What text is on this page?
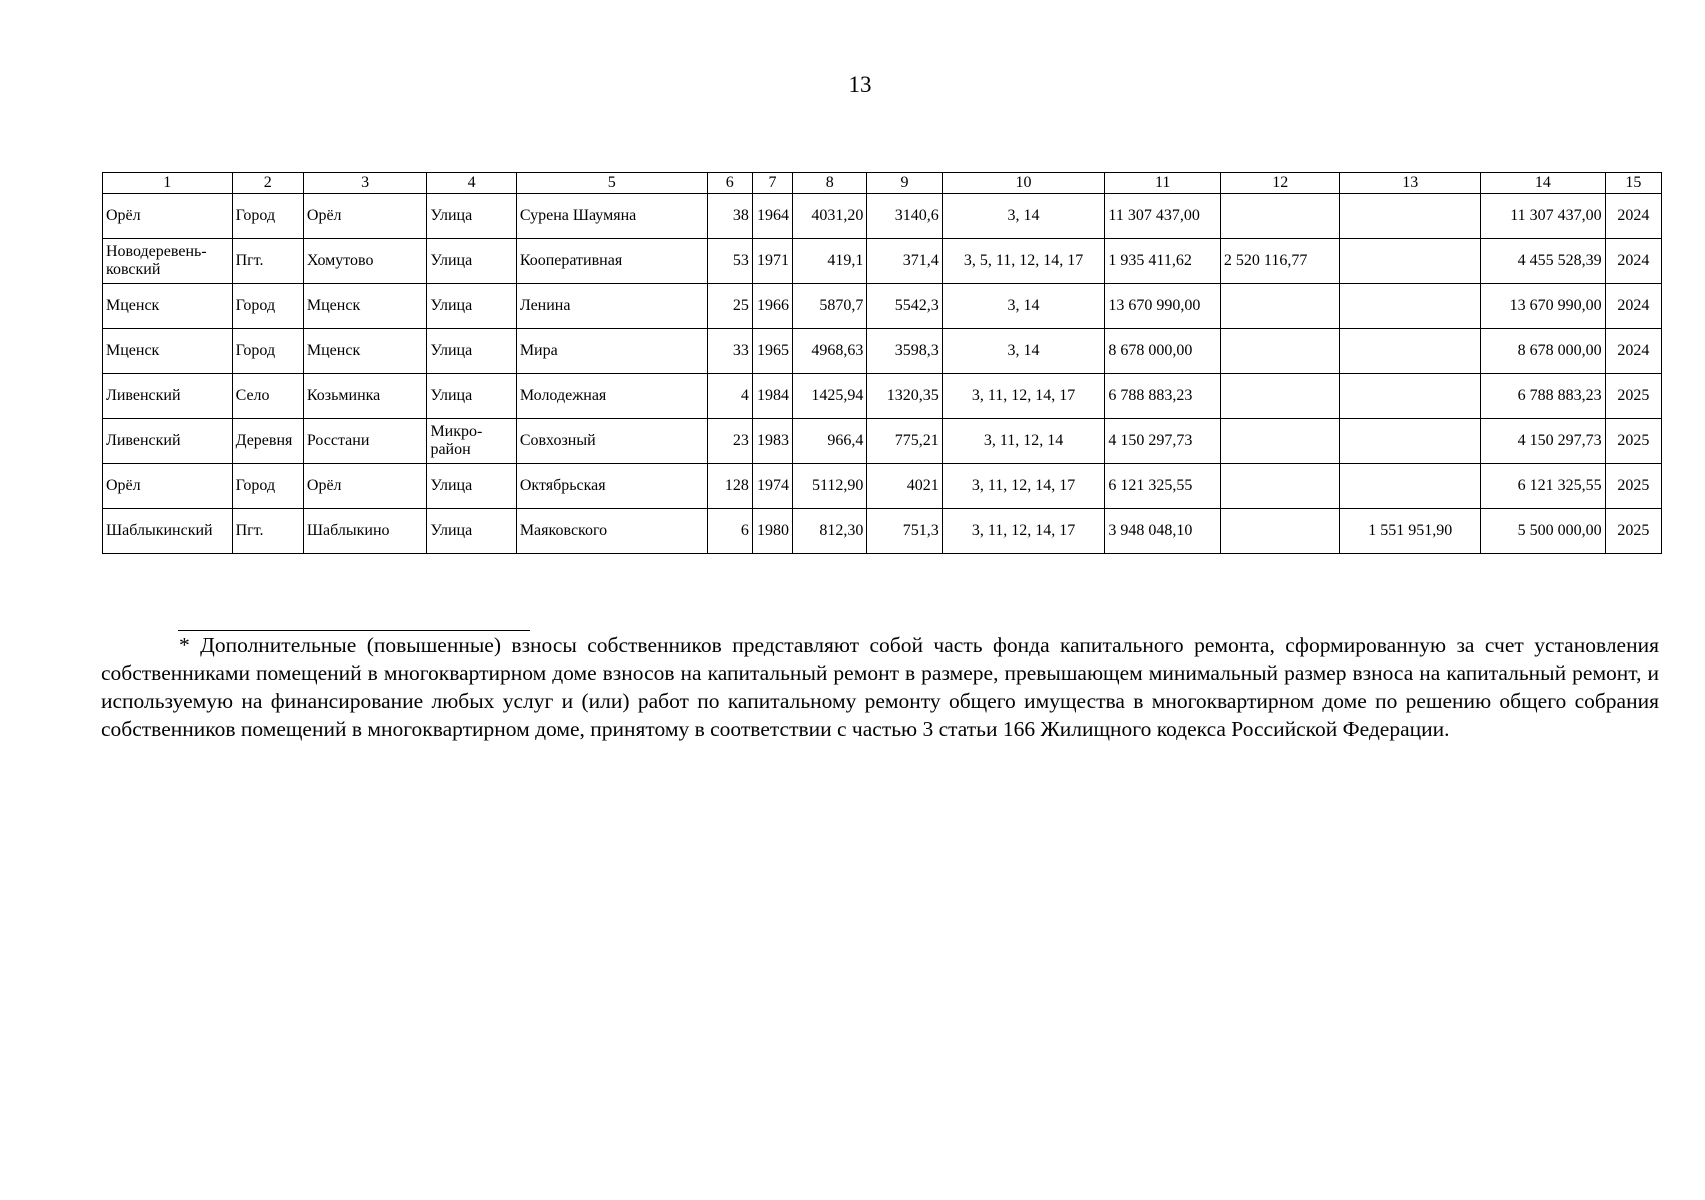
13
1	2	3	4	5	6	7	8	9	10	11	12	13	14	15
Орёл	Город	Орёл	Улица	Сурена Шаумяна	38	1964	4031,20	3140,6	3, 14	11 307 437,00			11 307 437,00	2024
Новодеревень-ковский	Пгт.	Хомутово	Улица	Кооперативная	53	1971	419,1	371,4	3, 5, 11, 12, 14, 17	1 935 411,62	2 520 116,77		4 455 528,39	2024
Мценск	Город	Мценск	Улица	Ленина	25	1966	5870,7	5542,3	3, 14	13 670 990,00			13 670 990,00	2024
Мценск	Город	Мценск	Улица	Мира	33	1965	4968,63	3598,3	3, 14	8 678 000,00			8 678 000,00	2024
Ливенский	Село	Козьминка	Улица	Молодежная	4	1984	1425,94	1320,35	3, 11, 12, 14, 17	6 788 883,23			6 788 883,23	2025
Ливенский	Деревня	Росстани	Микро-район	Совхозный	23	1983	966,4	775,21	3, 11, 12, 14	4 150 297,73			4 150 297,73	2025
Орёл	Город	Орёл	Улица	Октябрьская	128	1974	5112,90	4021	3, 11, 12, 14, 17	6 121 325,55			6 121 325,55	2025
Шаблыкинский	Пгт.	Шаблыкино	Улица	Маяковского	6	1980	812,30	751,3	3, 11, 12, 14, 17	3 948 048,10		1 551 951,90	5 500 000,00	2025

* Дополнительные (повышенные) взносы собственников представляют собой часть фонда капитального ремонта, сформированную за счет установления собственниками помещений в многоквартирном доме взносов на капитальный ремонт в размере, превышающем минимальный размер взноса на капитальный ремонт, и используемую на финансирование любых услуг и (или) работ по капитальному ремонту общего имущества в многоквартирном доме по решению общего собрания собственников помещений в многоквартирном доме, принятому в соответствии с частью 3 статьи 166 Жилищного кодекса Российской Федерации.
